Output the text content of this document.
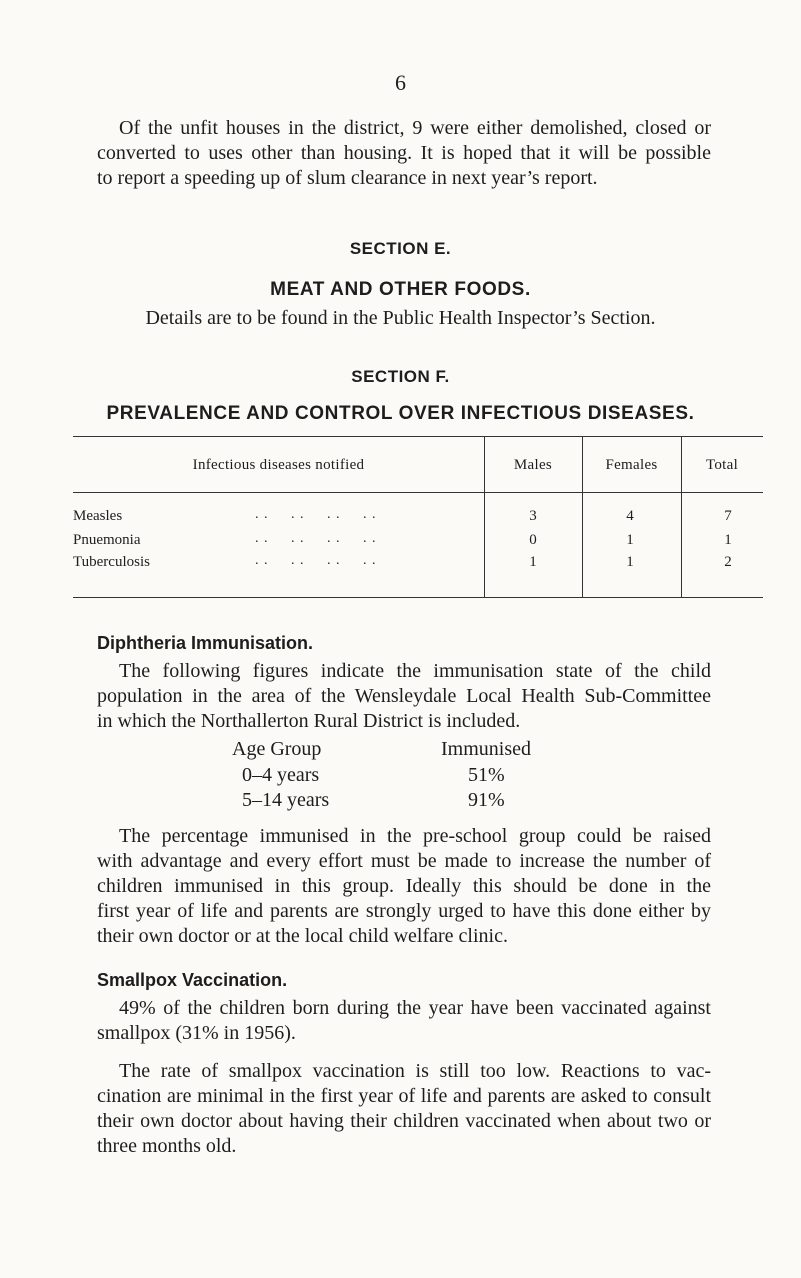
6
Of the unfit houses in the district, 9 were either demolished, closed or
converted to uses other than housing. It is hoped that it will be possible
to report a speeding up of slum clearance in next year’s report.
SECTION E.
MEAT AND OTHER FOODS.
Details are to be found in the Public Health Inspector’s Section.
SECTION F.
PREVALENCE AND CONTROL OVER INFECTIOUS DISEASES.
Infectious diseases notified	Males	Females	Total
Measles	. .     . .     . .     . .	3	4	7
Pnuemonia	. .     . .     . .     . .	0	1	1
Tuberculosis	. .     . .     . .     . .	1	1	2
Diphtheria Immunisation.
The following figures indicate the immunisation state of the child
population in the area of the Wensleydale Local Health Sub-Committee
in which the Northallerton Rural District is included.
Age Group	Immunised
0–4 years	51%
5–14 years	91%
The percentage immunised in the pre-school group could be raised
with advantage and every effort must be made to increase the number of
children immunised in this group. Ideally this should be done in the
first year of life and parents are strongly urged to have this done either by
their own doctor or at the local child welfare clinic.
Smallpox Vaccination.
49% of the children born during the year have been vaccinated against
smallpox (31% in 1956).
The rate of smallpox vaccination is still too low. Reactions to vac-
cination are minimal in the first year of life and parents are asked to consult
their own doctor about having their children vaccinated when about two or
three months old.
